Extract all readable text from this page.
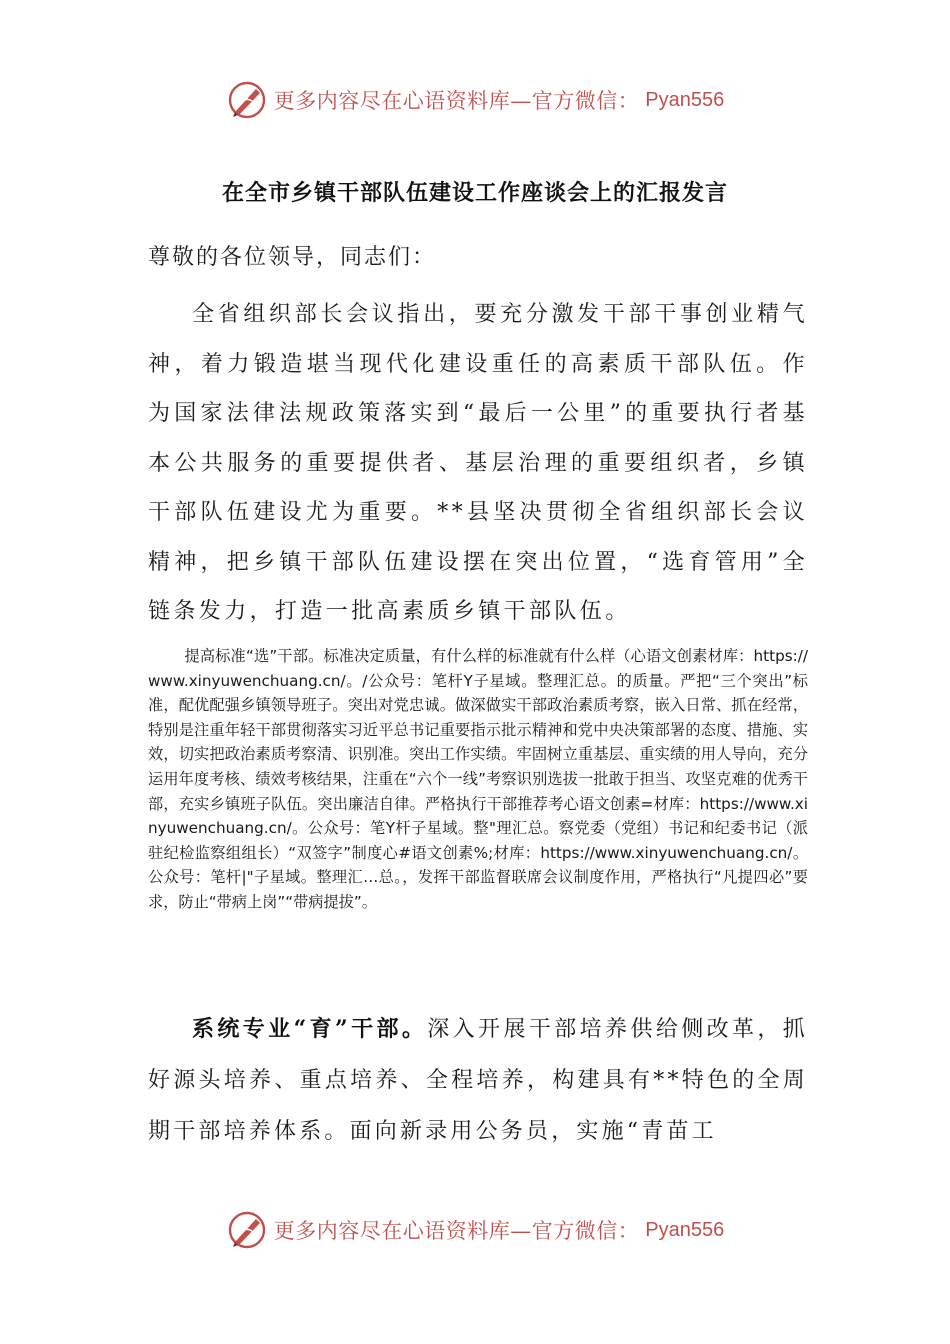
更多内容尽在心语资料库—官方微信： Pyan556
在全市乡镇干部队伍建设工作座谈会上的汇报发言
尊敬的各位领导，同志们：
全省组织部长会议指出，要充分激发干部干事创业精气神，着力锻造堪当现代化建设重任的高素质干部队伍。作为国家法律法规政策落实到“最后一公里”的重要执行者基本公共服务的重要提供者、基层治理的重要组织者，乡镇干部队伍建设尤为重要。**县坚决贯彻全省组织部长会议精神，把乡镇干部队伍建设摆在突出位置，“选育管用”全链条发力，打造一批高素质乡镇干部队伍。
提高标准“选”干部。标准决定质量，有什么样的标准就有什么样（心语文创素材库：https://www.xinyuwenchuang.cn/。/公众号：笔杆Y子星域。整理汇总。的质量。严把“三个突出”标准，配优配强乡镇领导班子。突出对党忠诚。做深做实干部政治素质考察，嵌入日常、抓在经常，特别是注重年轻干部贯彻落实习近平总书记重要指示批示精神和党中央决策部署的态度、措施、实效，切实把政治素质考察清、识别准。突出工作实绩。牢固树立重基层、重实绩的用人导向，充分运用年度考核、绩效考核结果，注重在“六个一线”考察识别选拔一批敢于担当、攻坚克难的优秀干部，充实乡镇班子队伍。突出廉洁自律。严格执行干部推荐考心语文创素=材库：https://www.xinyuwenchuang.cn/。公众号：笔Y杆子星域。整"理汇总。察党委（党组）书记和纪委书记（派驻纪检监察组组长）“双签字”制度心#语文创素%;材库：https://www.xinyuwenchuang.cn/。公众号：笔杆|"子星域。整理汇…总。，发挥干部监督联席会议制度作用，严格执行“凡提四必”要求，防止“带病上岗”“带病提拔”。
系统专业“育”干部。深入开展干部培养供给侧改革，抓好源头培养、重点培养、全程培养，构建具有**特色的全周期干部培养体系。面向新录用公务员，实施“青苗工
更多内容尽在心语资料库—官方微信： Pyan556
